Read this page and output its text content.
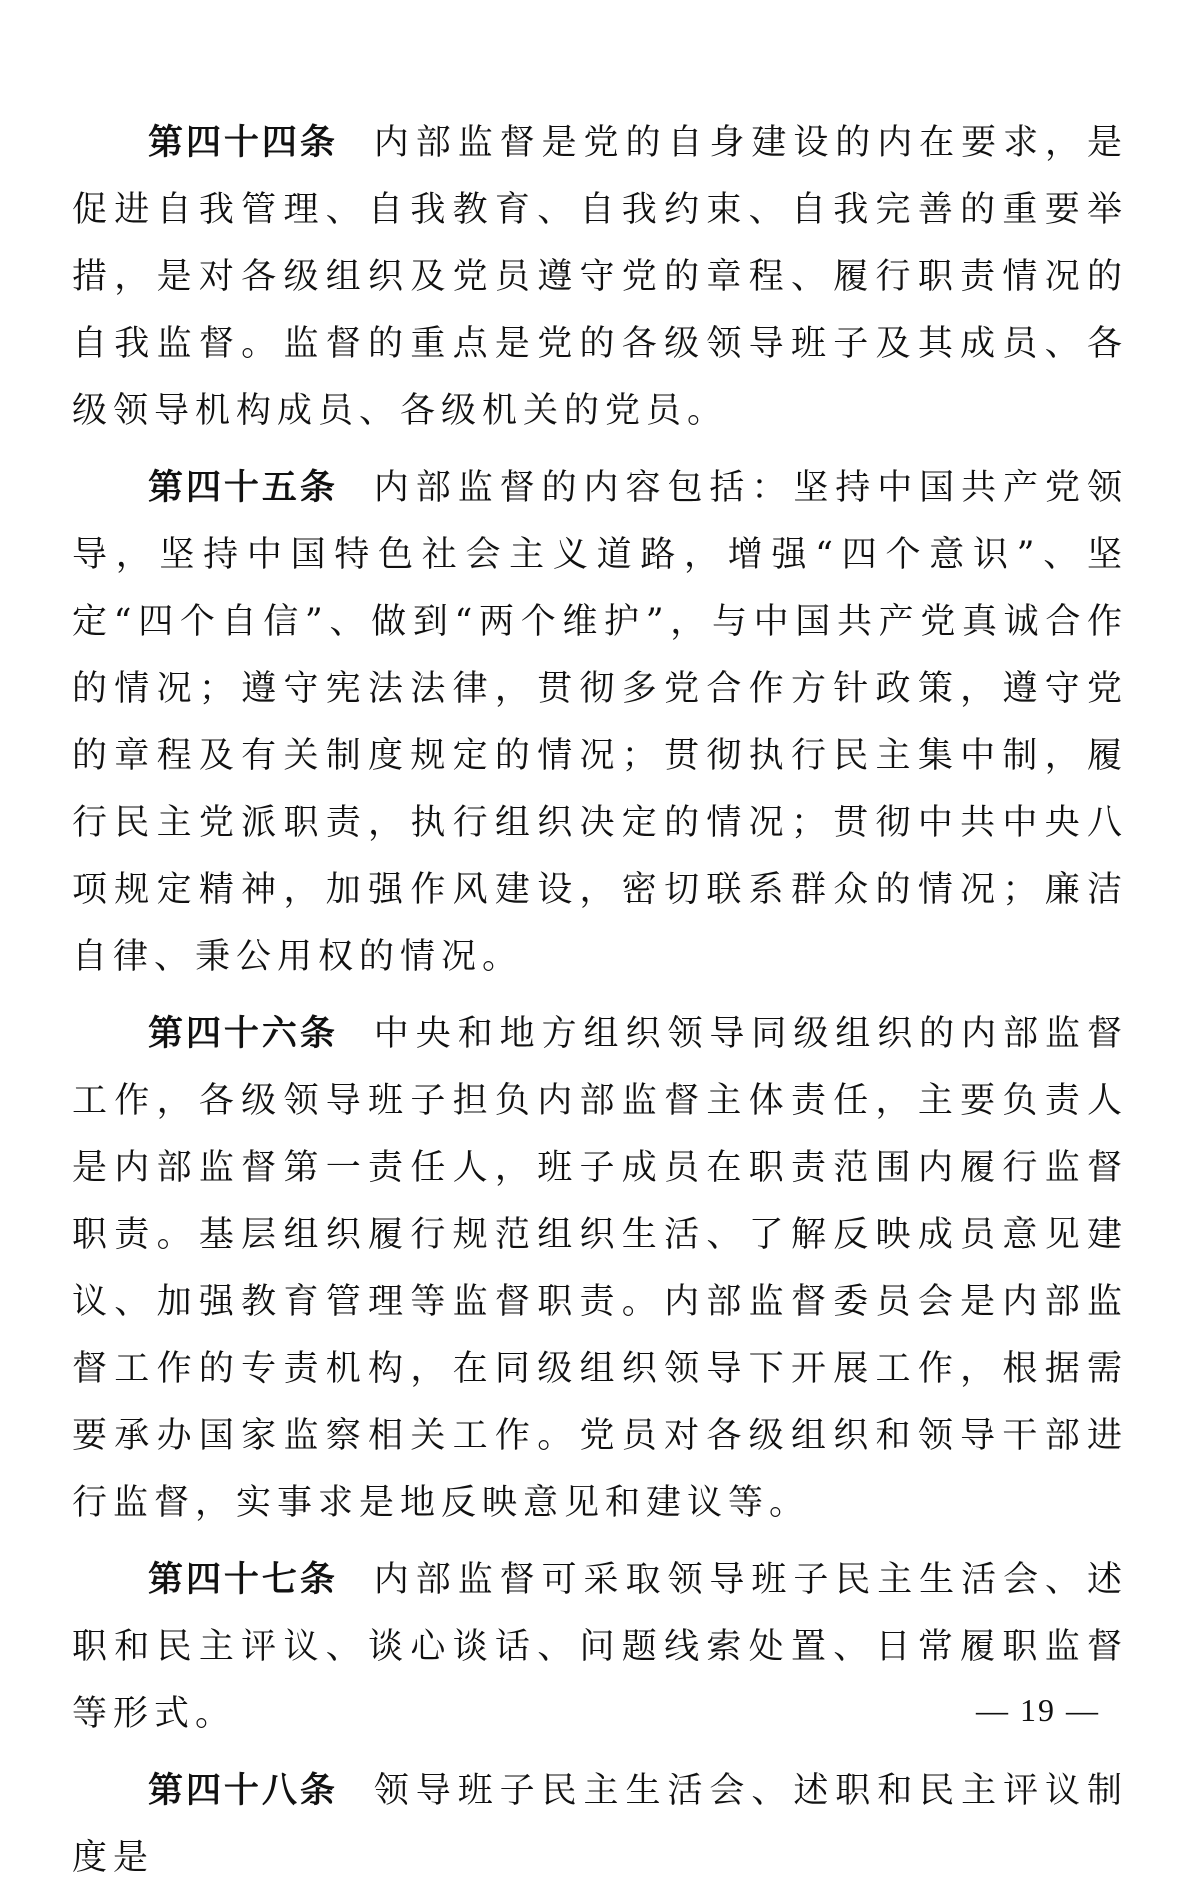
第四十四条 内部监督是党的自身建设的内在要求，是促进自我管理、自我教育、自我约束、自我完善的重要举措，是对各级组织及党员遵守党的章程、履行职责情况的自我监督。监督的重点是党的各级领导班子及其成员、各级领导机构成员、各级机关的党员。

第四十五条 内部监督的内容包括：坚持中国共产党领导，坚持中国特色社会主义道路，增强“四个意识”、坚定“四个自信”、做到“两个维护”，与中国共产党真诚合作的情况；遵守宪法法律，贯彻多党合作方针政策，遵守党的章程及有关制度规定的情况；贯彻执行民主集中制，履行民主党派职责，执行组织决定的情况；贯彻中共中央八项规定精神，加强作风建设，密切联系群众的情况；廉洁自律、秉公用权的情况。

第四十六条 中央和地方组织领导同级组织的内部监督工作，各级领导班子担负内部监督主体责任，主要负责人是内部监督第一责任人，班子成员在职责范围内履行监督职责。基层组织履行规范组织生活、了解反映成员意见建议、加强教育管理等监督职责。内部监督委员会是内部监督工作的专责机构，在同级组织领导下开展工作，根据需要承办国家监察相关工作。党员对各级组织和领导干部进行监督，实事求是地反映意见和建议等。

第四十七条 内部监督可采取领导班子民主生活会、述职和民主评议、谈心谈话、问题线索处置、日常履职监督等形式。

第四十八条 领导班子民主生活会、述职和民主评议制度是

— 19 —
